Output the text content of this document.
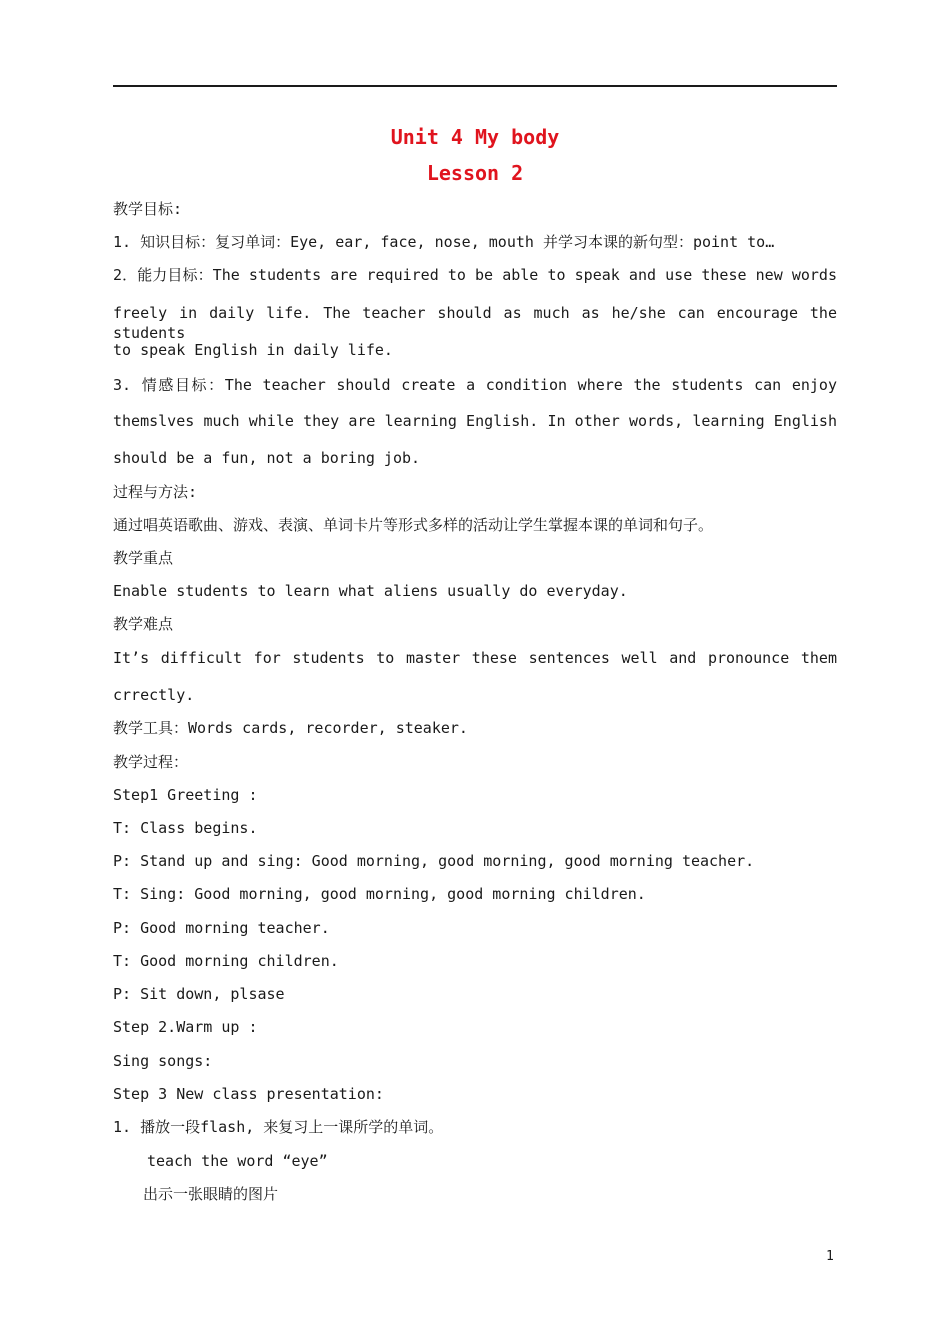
Unit 4 My body
Lesson 2
教学目标:
1. 知识目标：复习单词：Eye, ear, face, nose, mouth 并学习本课的新句型：point to…
2．能力目标：The students are required to be able to speak and use these new words
freely in daily life. The teacher should as much as he/she can encourage the students
to speak English in daily life.
3. 情感目标：The teacher should create a condition where the students can enjoy
themslves much while they are learning English. In other words, learning English
should be a fun, not a boring job.
过程与方法:
通过唱英语歌曲、游戏、表演、单词卡片等形式多样的活动让学生掌握本课的单词和句子。
教学重点
Enable students to learn what aliens usually do everyday.
教学难点
It’s difficult for students to master these sentences well and pronounce them
crrectly.
教学工具：Words cards, recorder, steaker.
教学过程：
Step1 Greeting :
T: Class begins.
P: Stand up and sing: Good morning, good morning, good morning teacher.
T: Sing: Good morning, good morning, good morning children.
P: Good morning teacher.
T: Good morning children.
P: Sit down, plsase
Step 2.Warm up :
Sing songs:
Step 3 New class presentation:
1. 播放一段flash, 来复习上一课所学的单词。
teach the word “eye”
出示一张眼睛的图片
1
